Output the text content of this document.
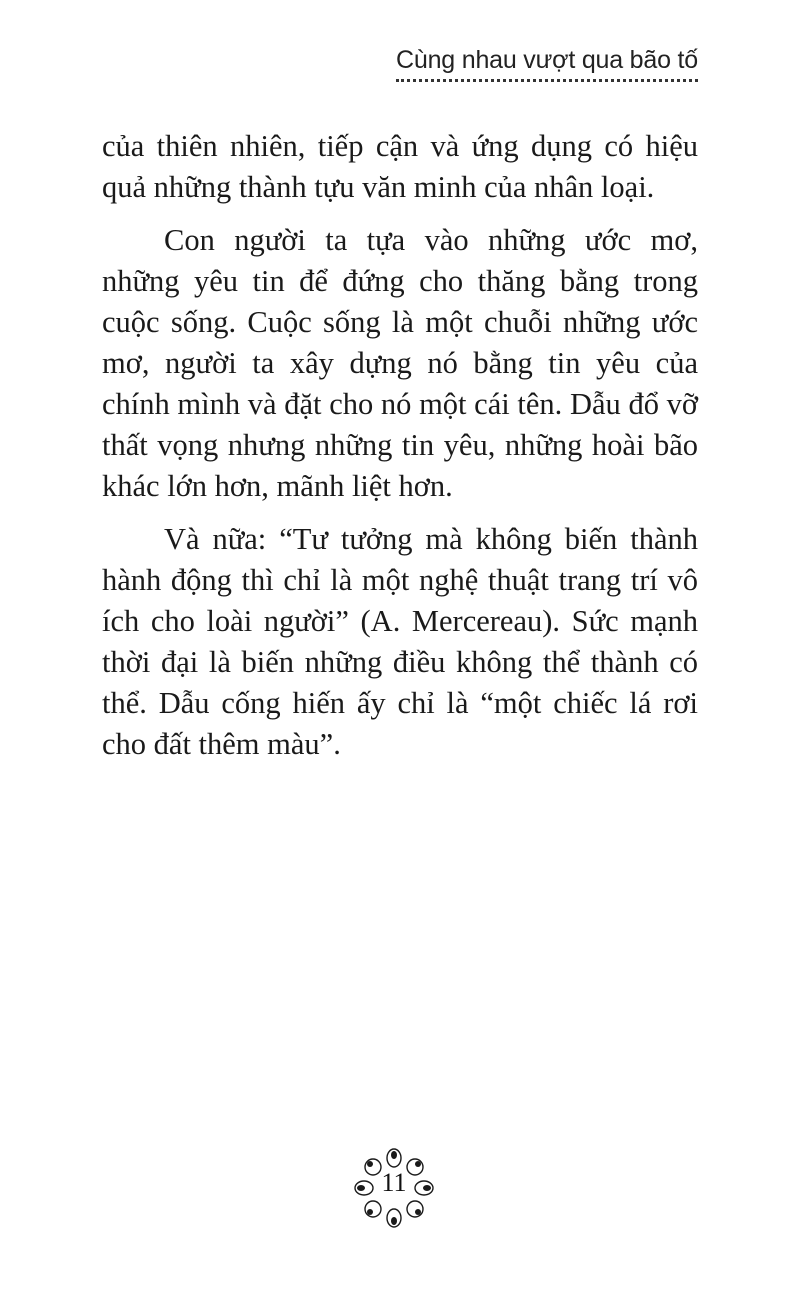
Cùng nhau vượt qua bão tố

của thiên nhiên, tiếp cận và ứng dụng có hiệu quả những thành tựu văn minh của nhân loại.

Con người ta tựa vào những ước mơ, những yêu tin để đứng cho thăng bằng trong cuộc sống. Cuộc sống là một chuỗi những ước mơ, người ta xây dựng nó bằng tin yêu của chính mình và đặt cho nó một cái tên. Dẫu đổ vỡ thất vọng nhưng những tin yêu, những hoài bão khác lớn hơn, mãnh liệt hơn.

Và nữa: “Tư tưởng mà không biến thành hành động thì chỉ là một nghệ thuật trang trí vô ích cho loài người” (A. Mercereau). Sức mạnh thời đại là biến những điều không thể thành có thể. Dẫu cống hiến ấy chỉ là “một chiếc lá rơi cho đất thêm màu”.

11
